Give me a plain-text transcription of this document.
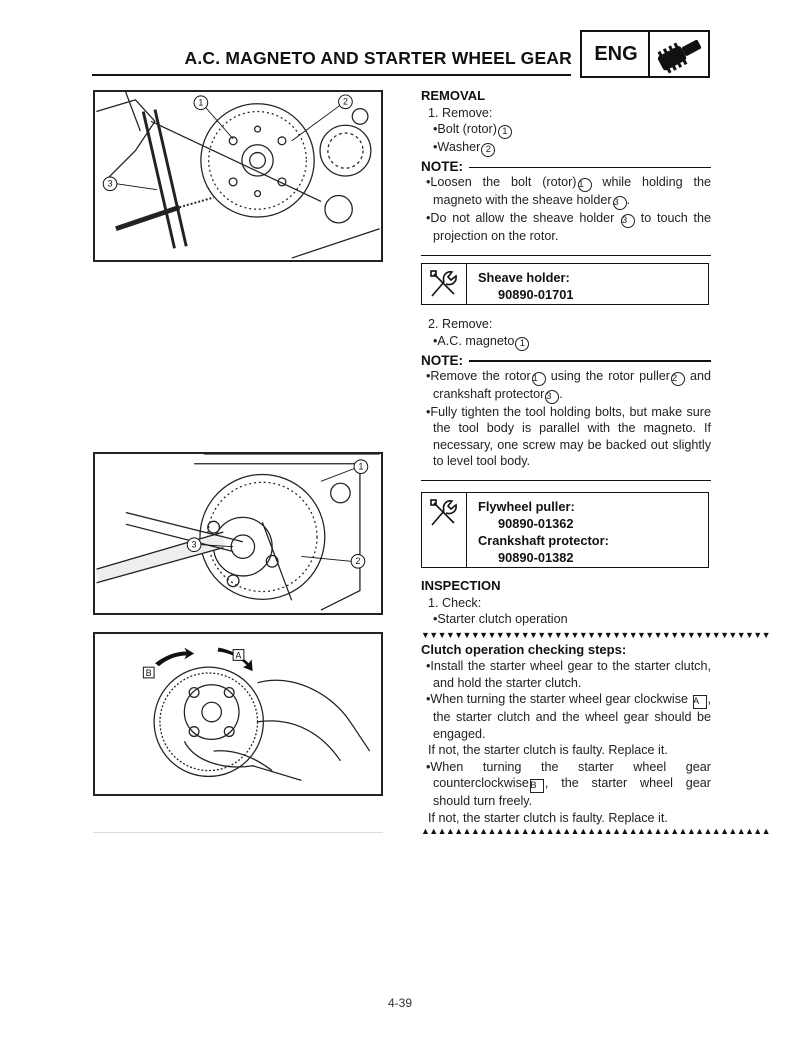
A.C. MAGNETO AND STARTER WHEEL GEAR	ENG
1	2
3
1
3
2
A
B

REMOVAL

1. Remove:

•Bolt (rotor) 1

•Washer 2

NOTE:

•Loosen the bolt (rotor) 1 while holding the magneto with the sheave holder 3 .

•Do not allow the sheave holder 3 to touch the projection on the rotor.

Sheave holder:
90890-01701

2. Remove:

•A.C. magneto 1

NOTE:

•Remove the rotor 1 using the rotor puller 2 and crankshaft protector 3 .

•Fully tighten the tool holding bolts, but make sure the tool body is parallel with the magneto. If necessary, one screw may be backed out slightly to level tool body.

Flywheel puller:
90890-01362
Crankshaft protector:
90890-01382

INSPECTION

1. Check:

•Starter clutch operation

▼▼▼▼▼▼▼▼▼▼▼▼▼▼▼▼▼▼▼▼▼▼▼▼▼▼▼▼▼▼▼▼▼▼▼▼▼▼▼▼▼▼

Clutch operation checking steps:

•Install the starter wheel gear to the starter clutch, and hold the starter clutch.

•When turning the starter wheel gear clockwise A , the starter clutch and the wheel gear should be engaged.

If not, the starter clutch is faulty. Replace it.

•When turning the starter wheel gear counterclockwiseB , the starter wheel gear should turn freely.

If not, the starter clutch is faulty. Replace it.

▲▲▲▲▲▲▲▲▲▲▲▲▲▲▲▲▲▲▲▲▲▲▲▲▲▲▲▲▲▲▲▲▲▲▲▲▲▲▲▲▲▲
4-39
